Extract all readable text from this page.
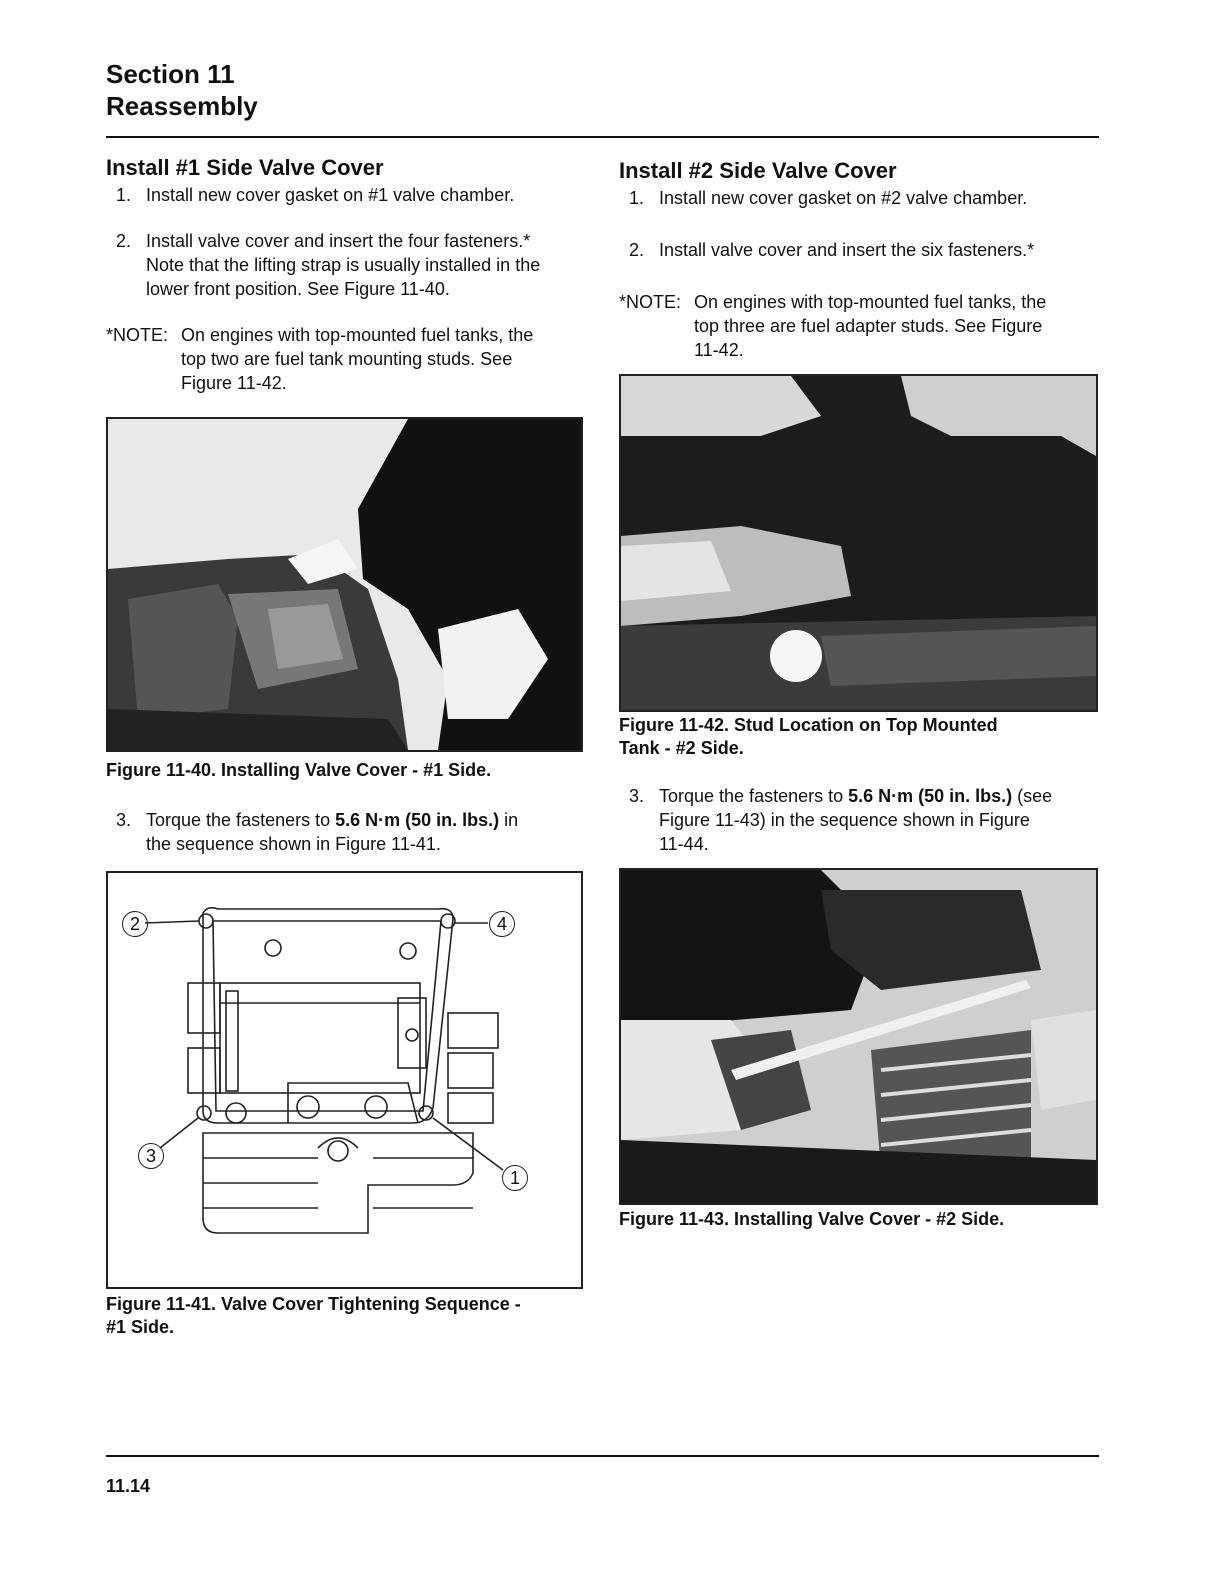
Section 11
Reassembly
Install #1 Side Valve Cover
1. Install new cover gasket on #1 valve chamber.
2. Install valve cover and insert the four fasteners.*
Note that the lifting strap is usually installed in the
lower front position. See Figure 11-40.
*NOTE: On engines with top-mounted fuel tanks, the
top two are fuel tank mounting studs. See
Figure 11-42.
Figure 11-40. Installing Valve Cover - #1 Side.
3. Torque the fasteners to 5.6 N·m (50 in. lbs.) in
the sequence shown in Figure 11-41.
2	4
3
1
Figure 11-41. Valve Cover Tightening Sequence -
#1 Side.
Install #2 Side Valve Cover
1. Install new cover gasket on #2 valve chamber.
2. Install valve cover and insert the six fasteners.*
*NOTE: On engines with top-mounted fuel tanks, the
top three are fuel adapter studs. See Figure
11-42.
Figure 11-42. Stud Location on Top Mounted
Tank - #2 Side.
3. Torque the fasteners to 5.6 N·m (50 in. lbs.) (see
Figure 11-43) in the sequence shown in Figure
11-44.
Figure 11-43. Installing Valve Cover - #2 Side.
11.14
